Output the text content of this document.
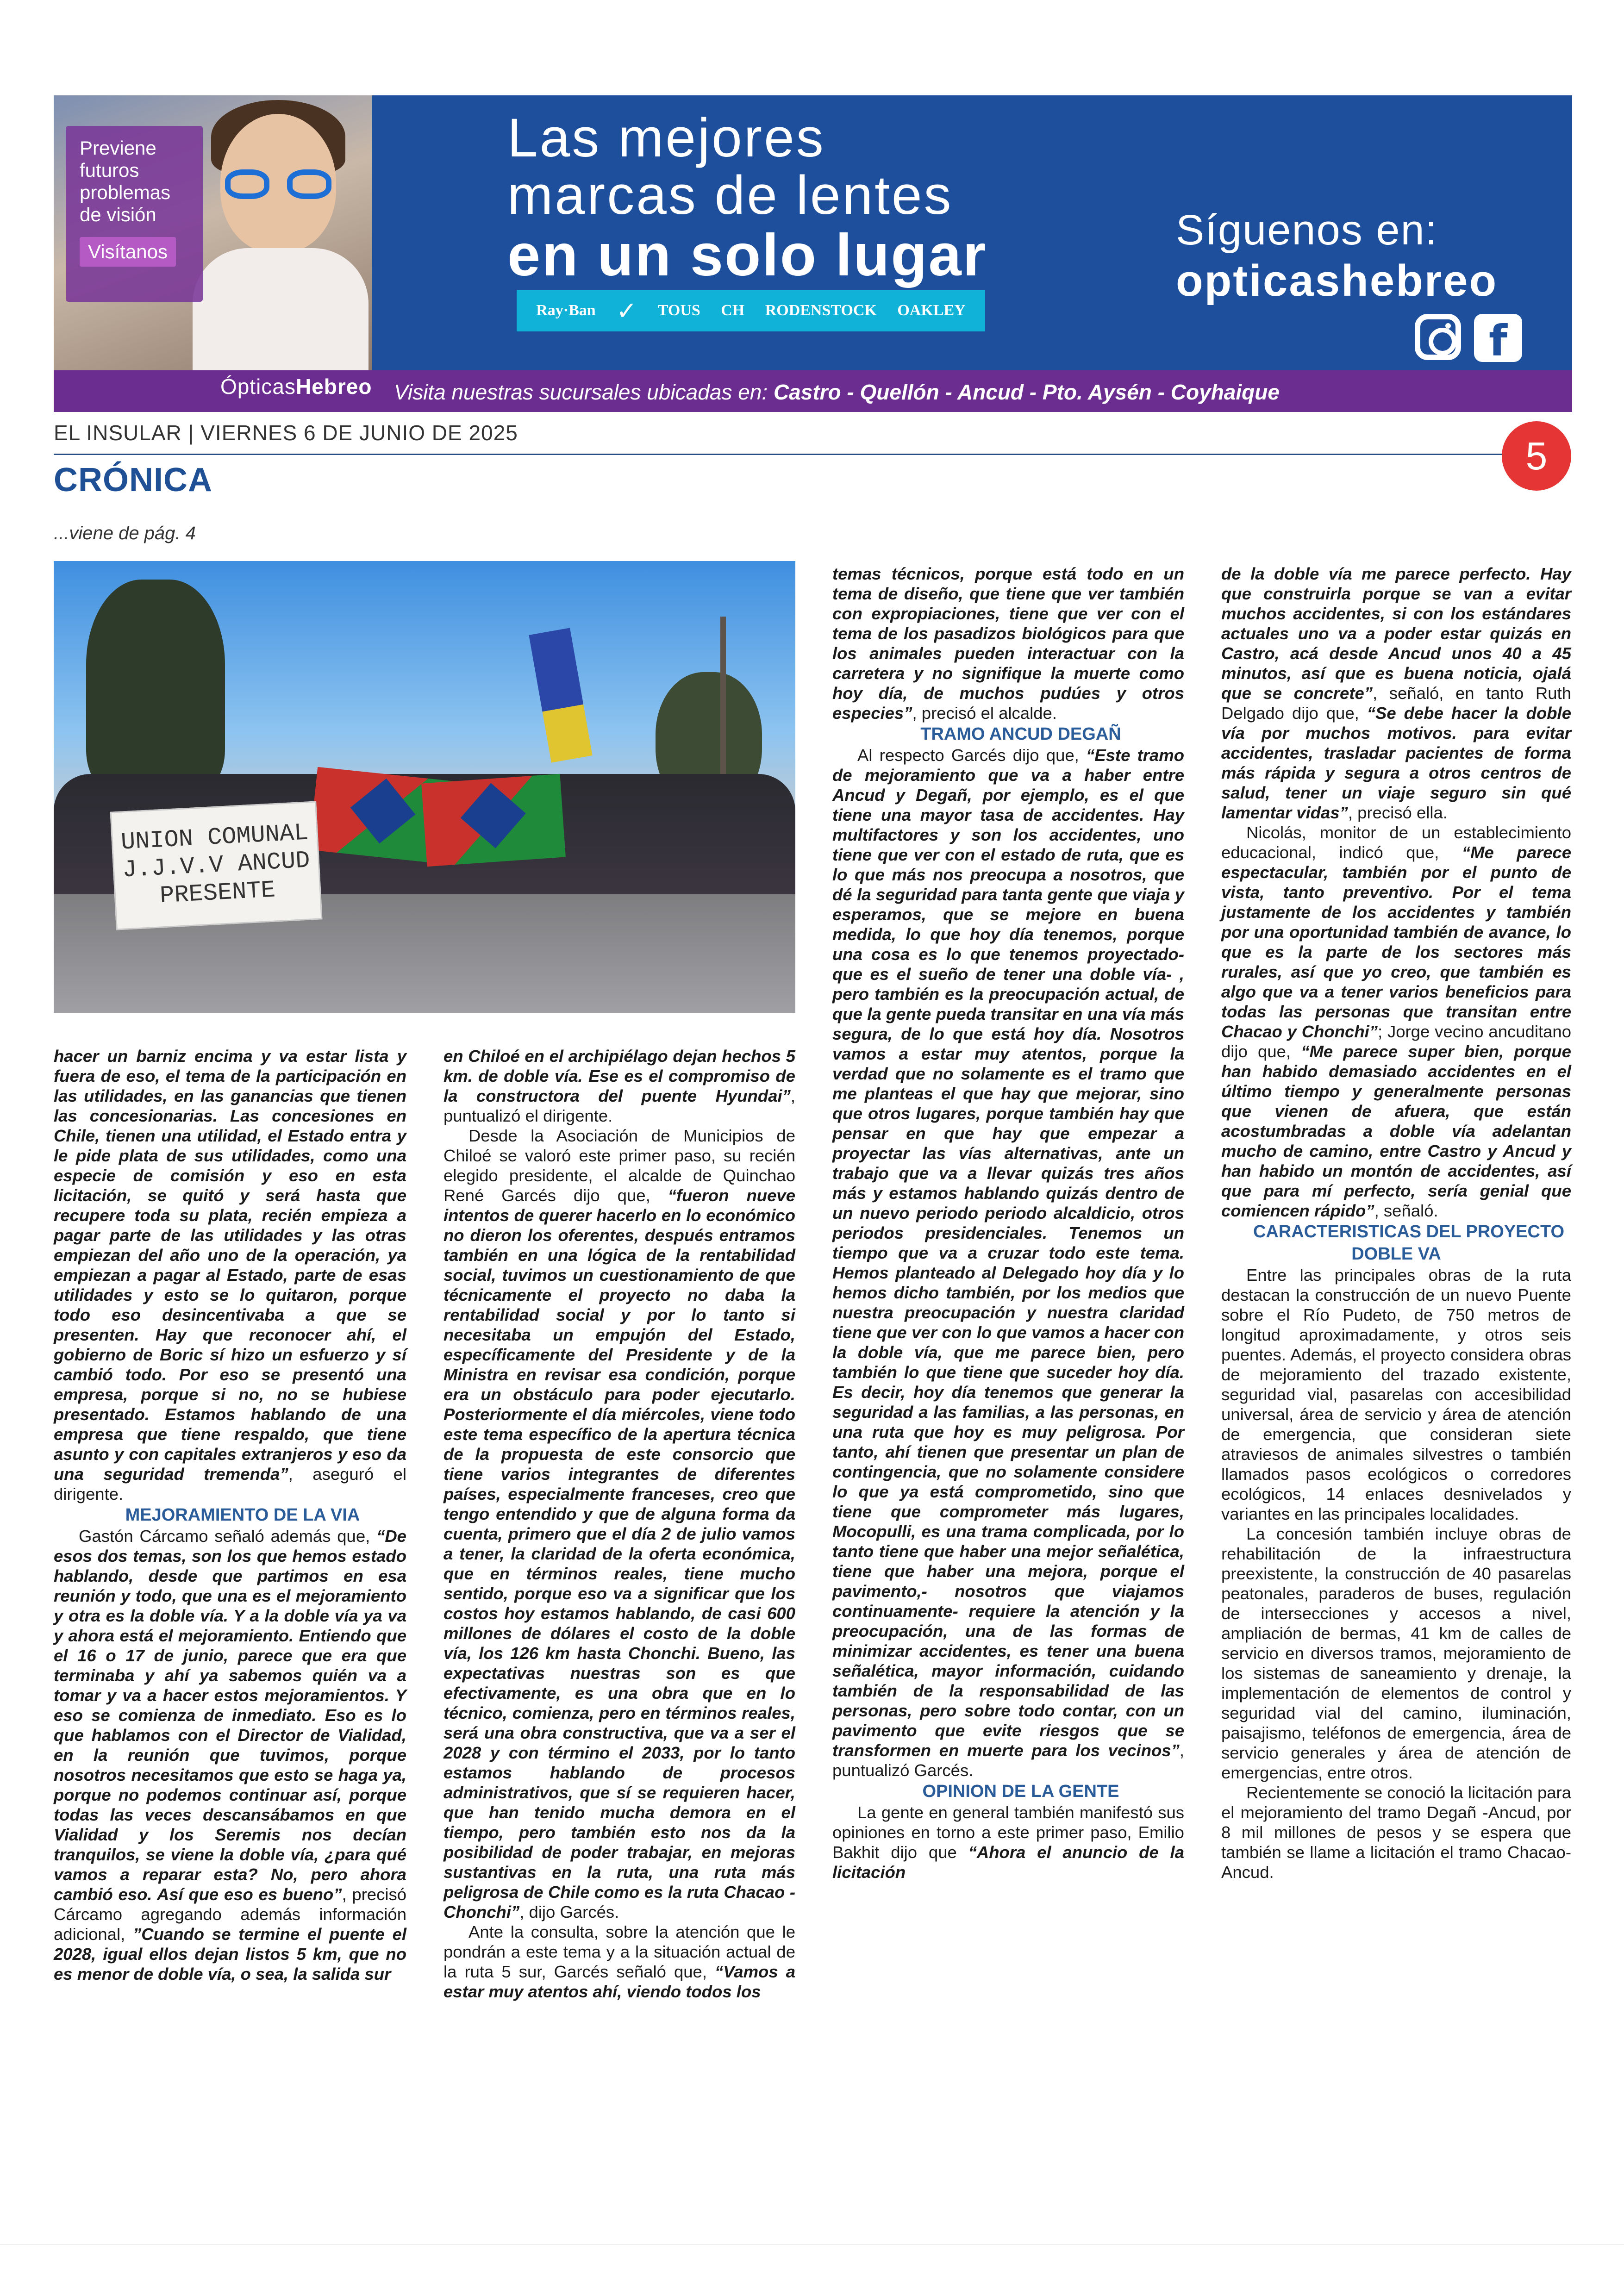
Previene
futuros
problemas
de visión
Visítanos
Las mejores
marcas de lentes
en un solo lugar
Ray·Ban ✓ TOUS CH RODENSTOCK OAKLEY
Síguenos en:
opticashebreo
f
ÓpticasHebreo Visita nuestras sucursales ubicadas en: Castro - Quellón - Ancud - Pto. Aysén - Coyhaique
EL INSULAR | VIERNES 6 DE JUNIO DE 2025
5
CRÓNICA
...viene de pág. 4
UNION COMUNAL
J.J.V.V ANCUD
PRESENTE

hacer un barniz encima y va estar lista y fuera de eso, el tema de la participación en las utilidades, en las ganancias que tienen las concesionarias. Las concesiones en Chile, tienen una utilidad, el Estado entra y le pide plata de sus utilidades, como una especie de comisión y eso en esta licitación, se quitó y será hasta que recupere toda su plata, recién empieza a pagar parte de las utilidades y las otras empiezan del año uno de la operación, ya empiezan a pagar al Estado, parte de esas utilidades y esto se lo quitaron, porque todo eso desincentivaba a que se presenten. Hay que reconocer ahí, el gobierno de Boric sí hizo un esfuerzo y sí cambió todo. Por eso se presentó una empresa, porque si no, no se hubiese presentado. Estamos hablando de una empresa que tiene respaldo, que tiene asunto y con capitales extranjeros y eso da una seguridad tremenda”, aseguró el dirigente.

MEJORAMIENTO DE LA VIA

Gastón Cárcamo señaló además que, “De esos dos temas, son los que hemos estado hablando, desde que partimos en esa reunión y todo, que una es el mejoramiento y otra es la doble vía. Y a la doble vía ya va y ahora está el mejoramiento. Entiendo que el 16 o 17 de junio, parece que era que terminaba y ahí ya sabemos quién va a tomar y va a hacer estos mejoramientos. Y eso se comienza de inmediato. Eso es lo que hablamos con el Director de Vialidad, en la reunión que tuvimos, porque nosotros necesitamos que esto se haga ya, porque no podemos continuar así, porque todas las veces descansábamos en que Vialidad y los Seremis nos decían tranquilos, se viene la doble vía, ¿para qué vamos a reparar esta? No, pero ahora cambió eso. Así que eso es bueno”, precisó Cárcamo agregando además información adicional, ”Cuando se termine el puente el 2028, igual ellos dejan listos 5 km, que no es menor de doble vía, o sea, la salida sur

en Chiloé en el archipiélago dejan hechos 5 km. de doble vía. Ese es el compromiso de la constructora del puente Hyundai”, puntualizó el dirigente.

Desde la Asociación de Municipios de Chiloé se valoró este primer paso, su recién elegido presidente, el alcalde de Quinchao René Garcés dijo que, “fueron nueve intentos de querer hacerlo en lo económico no dieron los oferentes, después entramos también en una lógica de la rentabilidad social, tuvimos un cuestionamiento de que técnicamente el proyecto no daba la rentabilidad social y por lo tanto si necesitaba un empujón del Estado, específicamente del Presidente y de la Ministra en revisar esa condición, porque era un obstáculo para poder ejecutarlo. Posteriormente el día miércoles, viene todo este tema específico de la apertura técnica de la propuesta de este consorcio que tiene varios integrantes de diferentes países, especialmente franceses, creo que tengo entendido y que de alguna forma da cuenta, primero que el día 2 de julio vamos a tener, la claridad de la oferta económica, que en términos reales, tiene mucho sentido, porque eso va a significar que los costos hoy estamos hablando, de casi 600 millones de dólares el costo de la doble vía, los 126 km hasta Chonchi. Bueno, las expectativas nuestras son es que efectivamente, es una obra que en lo técnico, comienza, pero en términos reales, será una obra constructiva, que va a ser el 2028 y con término el 2033, por lo tanto estamos hablando de procesos administrativos, que sí se requieren hacer, que han tenido mucha demora en el tiempo, pero también esto nos da la posibilidad de poder trabajar, en mejoras sustantivas en la ruta, una ruta más peligrosa de Chile como es la ruta Chacao -Chonchi”, dijo Garcés.

Ante la consulta, sobre la atención que le pondrán a este tema y a la situación actual de la ruta 5 sur, Garcés señaló que, “Vamos a estar muy atentos ahí, viendo todos los

temas técnicos, porque está todo en un tema de diseño, que tiene que ver también con expropiaciones, tiene que ver con el tema de los pasadizos biológicos para que los animales pueden interactuar con la carretera y no signifique la muerte como hoy día, de muchos pudúes y otros especies”, precisó el alcalde.

TRAMO ANCUD DEGAÑ

Al respecto Garcés dijo que, “Este tramo de mejoramiento que va a haber entre Ancud y Degañ, por ejemplo, es el que tiene una mayor tasa de accidentes. Hay multifactores y son los accidentes, uno tiene que ver con el estado de ruta, que es lo que más nos preocupa a nosotros, que dé la seguridad para tanta gente que viaja y esperamos, que se mejore en buena medida, lo que hoy día tenemos, porque una cosa es lo que tenemos proyectado- que es el sueño de tener una doble vía- , pero también es la preocupación actual, de que la gente pueda transitar en una vía más segura, de lo que está hoy día. Nosotros vamos a estar muy atentos, porque la verdad que no solamente es el tramo que me planteas el que hay que mejorar, sino que otros lugares, porque también hay que pensar en que hay que empezar a proyectar las vías alternativas, ante un trabajo que va a llevar quizás tres años más y estamos hablando quizás dentro de un nuevo periodo periodo alcaldicio, otros periodos presidenciales. Tenemos un tiempo que va a cruzar todo este tema. Hemos planteado al Delegado hoy día y lo hemos dicho también, por los medios que nuestra preocupación y nuestra claridad tiene que ver con lo que vamos a hacer con la doble vía, que me parece bien, pero también lo que tiene que suceder hoy día. Es decir, hoy día tenemos que generar la seguridad a las familias, a las personas, en una ruta que hoy es muy peligrosa. Por tanto, ahí tienen que presentar un plan de contingencia, que no solamente considere lo que ya está comprometido, sino que tiene que comprometer más lugares, Mocopulli, es una trama complicada, por lo tanto tiene que haber una mejor señalética, tiene que haber una mejora, porque el pavimento,- nosotros que viajamos continuamente- requiere la atención y la preocupación, una de las formas de minimizar accidentes, es tener una buena señalética, mayor información, cuidando también de la responsabilidad de las personas, pero sobre todo contar, con un pavimento que evite riesgos que se transformen en muerte para los vecinos”, puntualizó Garcés.

OPINION DE LA GENTE

La gente en general también manifestó sus opiniones en torno a este primer paso, Emilio Bakhit dijo que “Ahora el anuncio de la licitación

de la doble vía me parece perfecto. Hay que construirla porque se van a evitar muchos accidentes, si con los estándares actuales uno va a poder estar quizás en Castro, acá desde Ancud unos 40 a 45 minutos, así que es buena noticia, ojalá que se concrete”, señaló, en tanto Ruth Delgado dijo que, “Se debe hacer la doble vía por muchos motivos. para evitar accidentes, trasladar pacientes de forma más rápida y segura a otros centros de salud, tener un viaje seguro sin qué lamentar vidas”, precisó ella.

Nicolás, monitor de un establecimiento educacional, indicó que, “Me parece espectacular, también por el punto de vista, tanto preventivo. Por el tema justamente de los accidentes y también por una oportunidad también de avance, lo que es la parte de los sectores más rurales, así que yo creo, que también es algo que va a tener varios beneficios para todas las personas que transitan entre Chacao y Chonchi”; Jorge vecino ancuditano dijo que, “Me parece super bien, porque han habido demasiado accidentes en el último tiempo y generalmente personas que vienen de afuera, que están acostumbradas a doble vía adelantan mucho de camino, entre Castro y Ancud y han habido un montón de accidentes, así que para mí perfecto, sería genial que comiencen rápido”, señaló.

CARACTERISTICAS DEL PROYECTO DOBLE VA

Entre las principales obras de la ruta destacan la construcción de un nuevo Puente sobre el Río Pudeto, de 750 metros de longitud aproximadamente, y otros seis puentes. Además, el proyecto considera obras de mejoramiento del trazado existente, seguridad vial, pasarelas con accesibilidad universal, área de servicio y área de atención de emergencia, que consideran siete atraviesos de animales silvestres o también llamados pasos ecológicos o corredores ecológicos, 14 enlaces desnivelados y variantes en las principales localidades.

La concesión también incluye obras de rehabilitación de la infraestructura preexistente, la construcción de 40 pasarelas peatonales, paraderos de buses, regulación de intersecciones y accesos a nivel, ampliación de bermas, 41 km de calles de servicio en diversos tramos, mejoramiento de los sistemas de saneamiento y drenaje, la implementación de elementos de control y seguridad vial del camino, iluminación, paisajismo, teléfonos de emergencia, área de servicio generales y área de atención de emergencias, entre otros.

Recientemente se conoció la licitación para el mejoramiento del tramo Degañ -Ancud, por 8 mil millones de pesos y se espera que también se llame a licitación el tramo Chacao- Ancud.
